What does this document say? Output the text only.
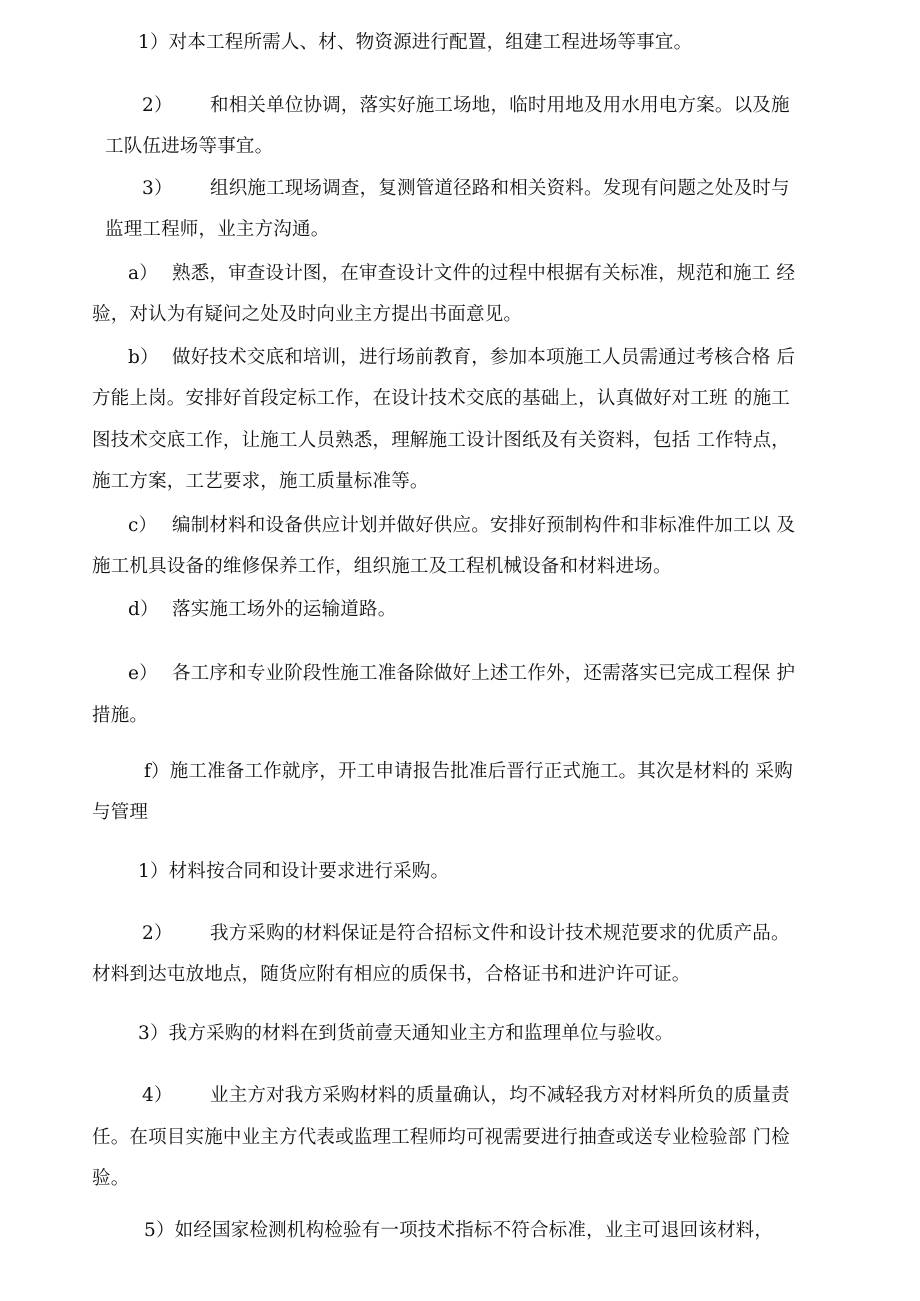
1）对本工程所需人、材、物资源进行配置，组建工程进场等事宜。
2） 和相关单位协调，落实好施工场地，临时用地及用水用电方案。以及施
工队伍进场等事宜。
3） 组织施工现场调查，复测管道径路和相关资料。发现有问题之处及时与
监理工程师，业主方沟通。
a） 熟悉，审查设计图，在审查设计文件的过程中根据有关标准，规范和施工 经
验，对认为有疑问之处及时向业主方提出书面意见。
b） 做好技术交底和培训，进行场前教育，参加本项施工人员需通过考核合格 后
方能上岗。安排好首段定标工作，在设计技术交底的基础上，认真做好对工班 的施工
图技术交底工作，让施工人员熟悉，理解施工设计图纸及有关资料，包括 工作特点，
施工方案，工艺要求，施工质量标准等。
c） 编制材料和设备供应计划并做好供应。安排好预制构件和非标准件加工以 及
施工机具设备的维修保养工作，组织施工及工程机械设备和材料进场。
d） 落实施工场外的运输道路。
e） 各工序和专业阶段性施工准备除做好上述工作外，还需落实已完成工程保 护
措施。
f）施工准备工作就序，开工申请报告批准后晋行正式施工。其次是材料的 采购
与管理
1）材料按合同和设计要求进行采购。
2） 我方采购的材料保证是符合招标文件和设计技术规范要求的优质产品。
材料到达屯放地点，随货应附有相应的质保书，合格证书和进沪许可证。
3）我方采购的材料在到货前壹天通知业主方和监理单位与验收。
4） 业主方对我方采购材料的质量确认，均不减轻我方对材料所负的质量责
任。在项目实施中业主方代表或监理工程师均可视需要进行抽查或送专业检验部 门检
验。
5）如经国家检测机构检验有一项技术指标不符合标准，业主可退回该材料，
